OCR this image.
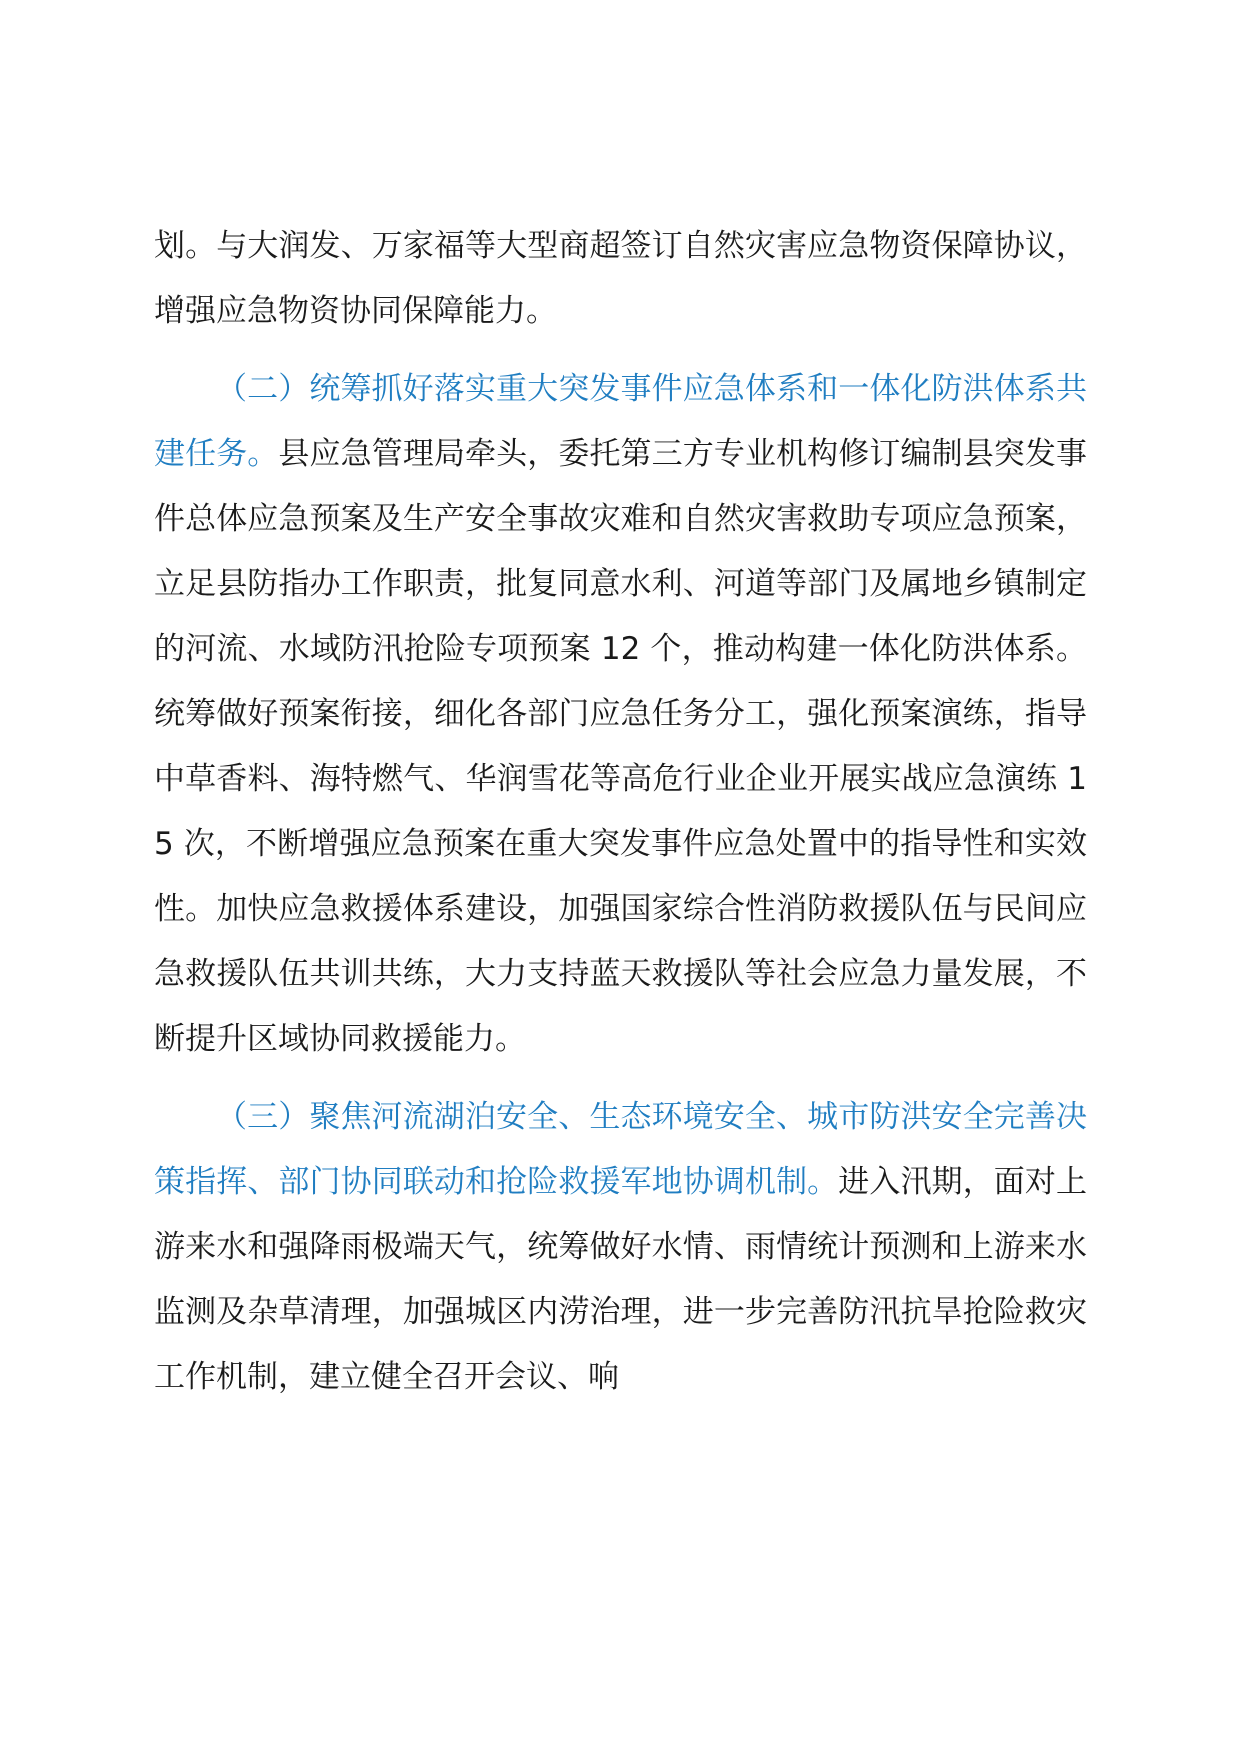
划。与大润发、万家福等大型商超签订自然灾害应急物资保障协议，增强应急物资协同保障能力。

（二）统筹抓好落实重大突发事件应急体系和一体化防洪体系共建任务。县应急管理局牵头，委托第三方专业机构修订编制县突发事件总体应急预案及生产安全事故灾难和自然灾害救助专项应急预案，立足县防指办工作职责，批复同意水利、河道等部门及属地乡镇制定的河流、水域防汛抢险专项预案 12 个，推动构建一体化防洪体系。统筹做好预案衔接，细化各部门应急任务分工，强化预案演练，指导中草香料、海特燃气、华润雪花等高危行业企业开展实战应急演练 15 次，不断增强应急预案在重大突发事件应急处置中的指导性和实效性。加快应急救援体系建设，加强国家综合性消防救援队伍与民间应急救援队伍共训共练，大力支持蓝天救援队等社会应急力量发展，不断提升区域协同救援能力。

（三）聚焦河流湖泊安全、生态环境安全、城市防洪安全完善决策指挥、部门协同联动和抢险救援军地协调机制。进入汛期，面对上游来水和强降雨极端天气，统筹做好水情、雨情统计预测和上游来水监测及杂草清理，加强城区内涝治理，进一步完善防汛抗旱抢险救灾工作机制，建立健全召开会议、响
